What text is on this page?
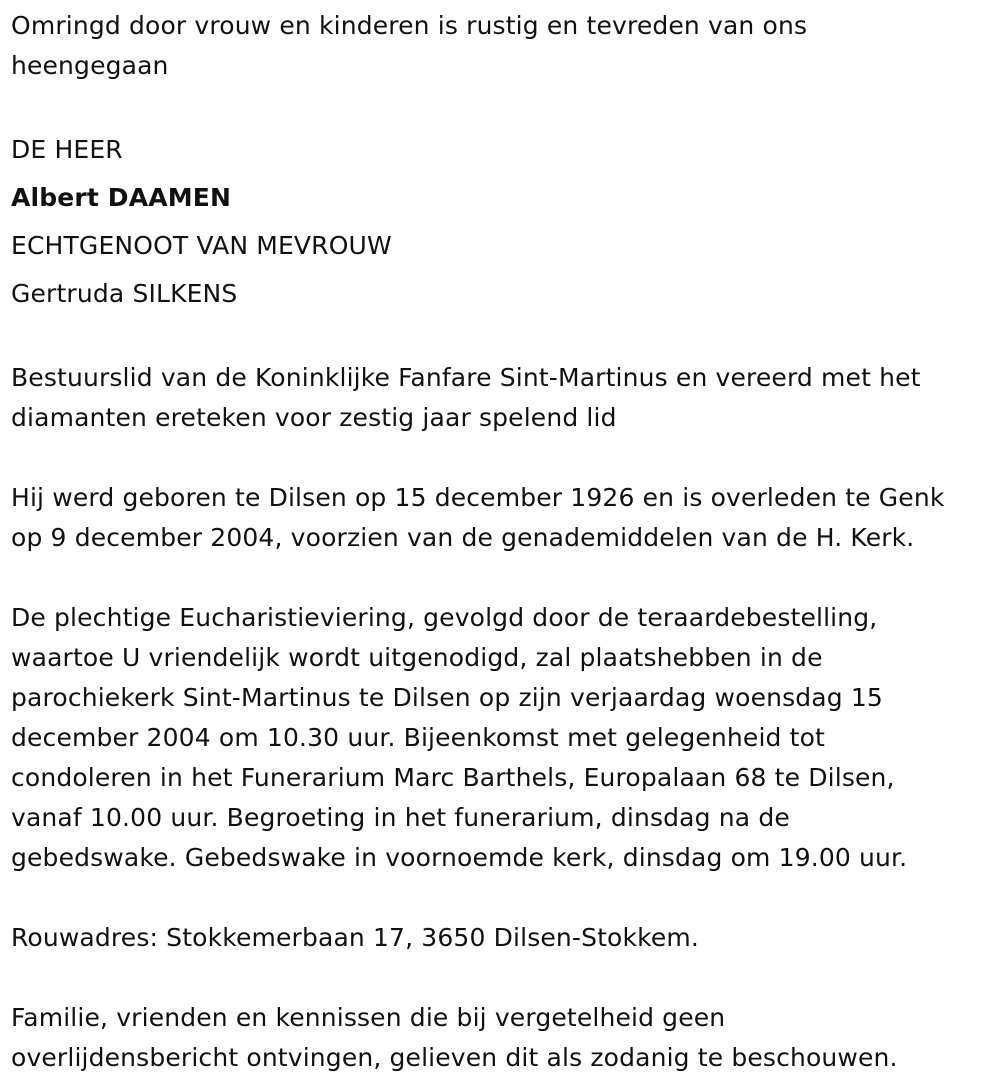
Omringd door vrouw en kinderen is rustig en tevreden van ons
heengegaan

DE HEER

Albert DAAMEN

ECHTGENOOT VAN MEVROUW

Gertruda SILKENS

Bestuurslid van de Koninklijke Fanfare Sint-Martinus en vereerd met het
diamanten ereteken voor zestig jaar spelend lid

Hij werd geboren te Dilsen op 15 december 1926 en is overleden te Genk
op 9 december 2004, voorzien van de genademiddelen van de H. Kerk.

De plechtige Eucharistieviering, gevolgd door de teraardebestelling,
waartoe U vriendelijk wordt uitgenodigd, zal plaatshebben in de
parochiekerk Sint-Martinus te Dilsen op zijn verjaardag woensdag 15
december 2004 om 10.30 uur. Bijeenkomst met gelegenheid tot
condoleren in het Funerarium Marc Barthels, Europalaan 68 te Dilsen,
vanaf 10.00 uur. Begroeting in het funerarium, dinsdag na de
gebedswake. Gebedswake in voornoemde kerk, dinsdag om 19.00 uur.

Rouwadres: Stokkemerbaan 17, 3650 Dilsen-Stokkem.

Familie, vrienden en kennissen die bij vergetelheid geen
overlijdensbericht ontvingen, gelieven dit als zodanig te beschouwen.
